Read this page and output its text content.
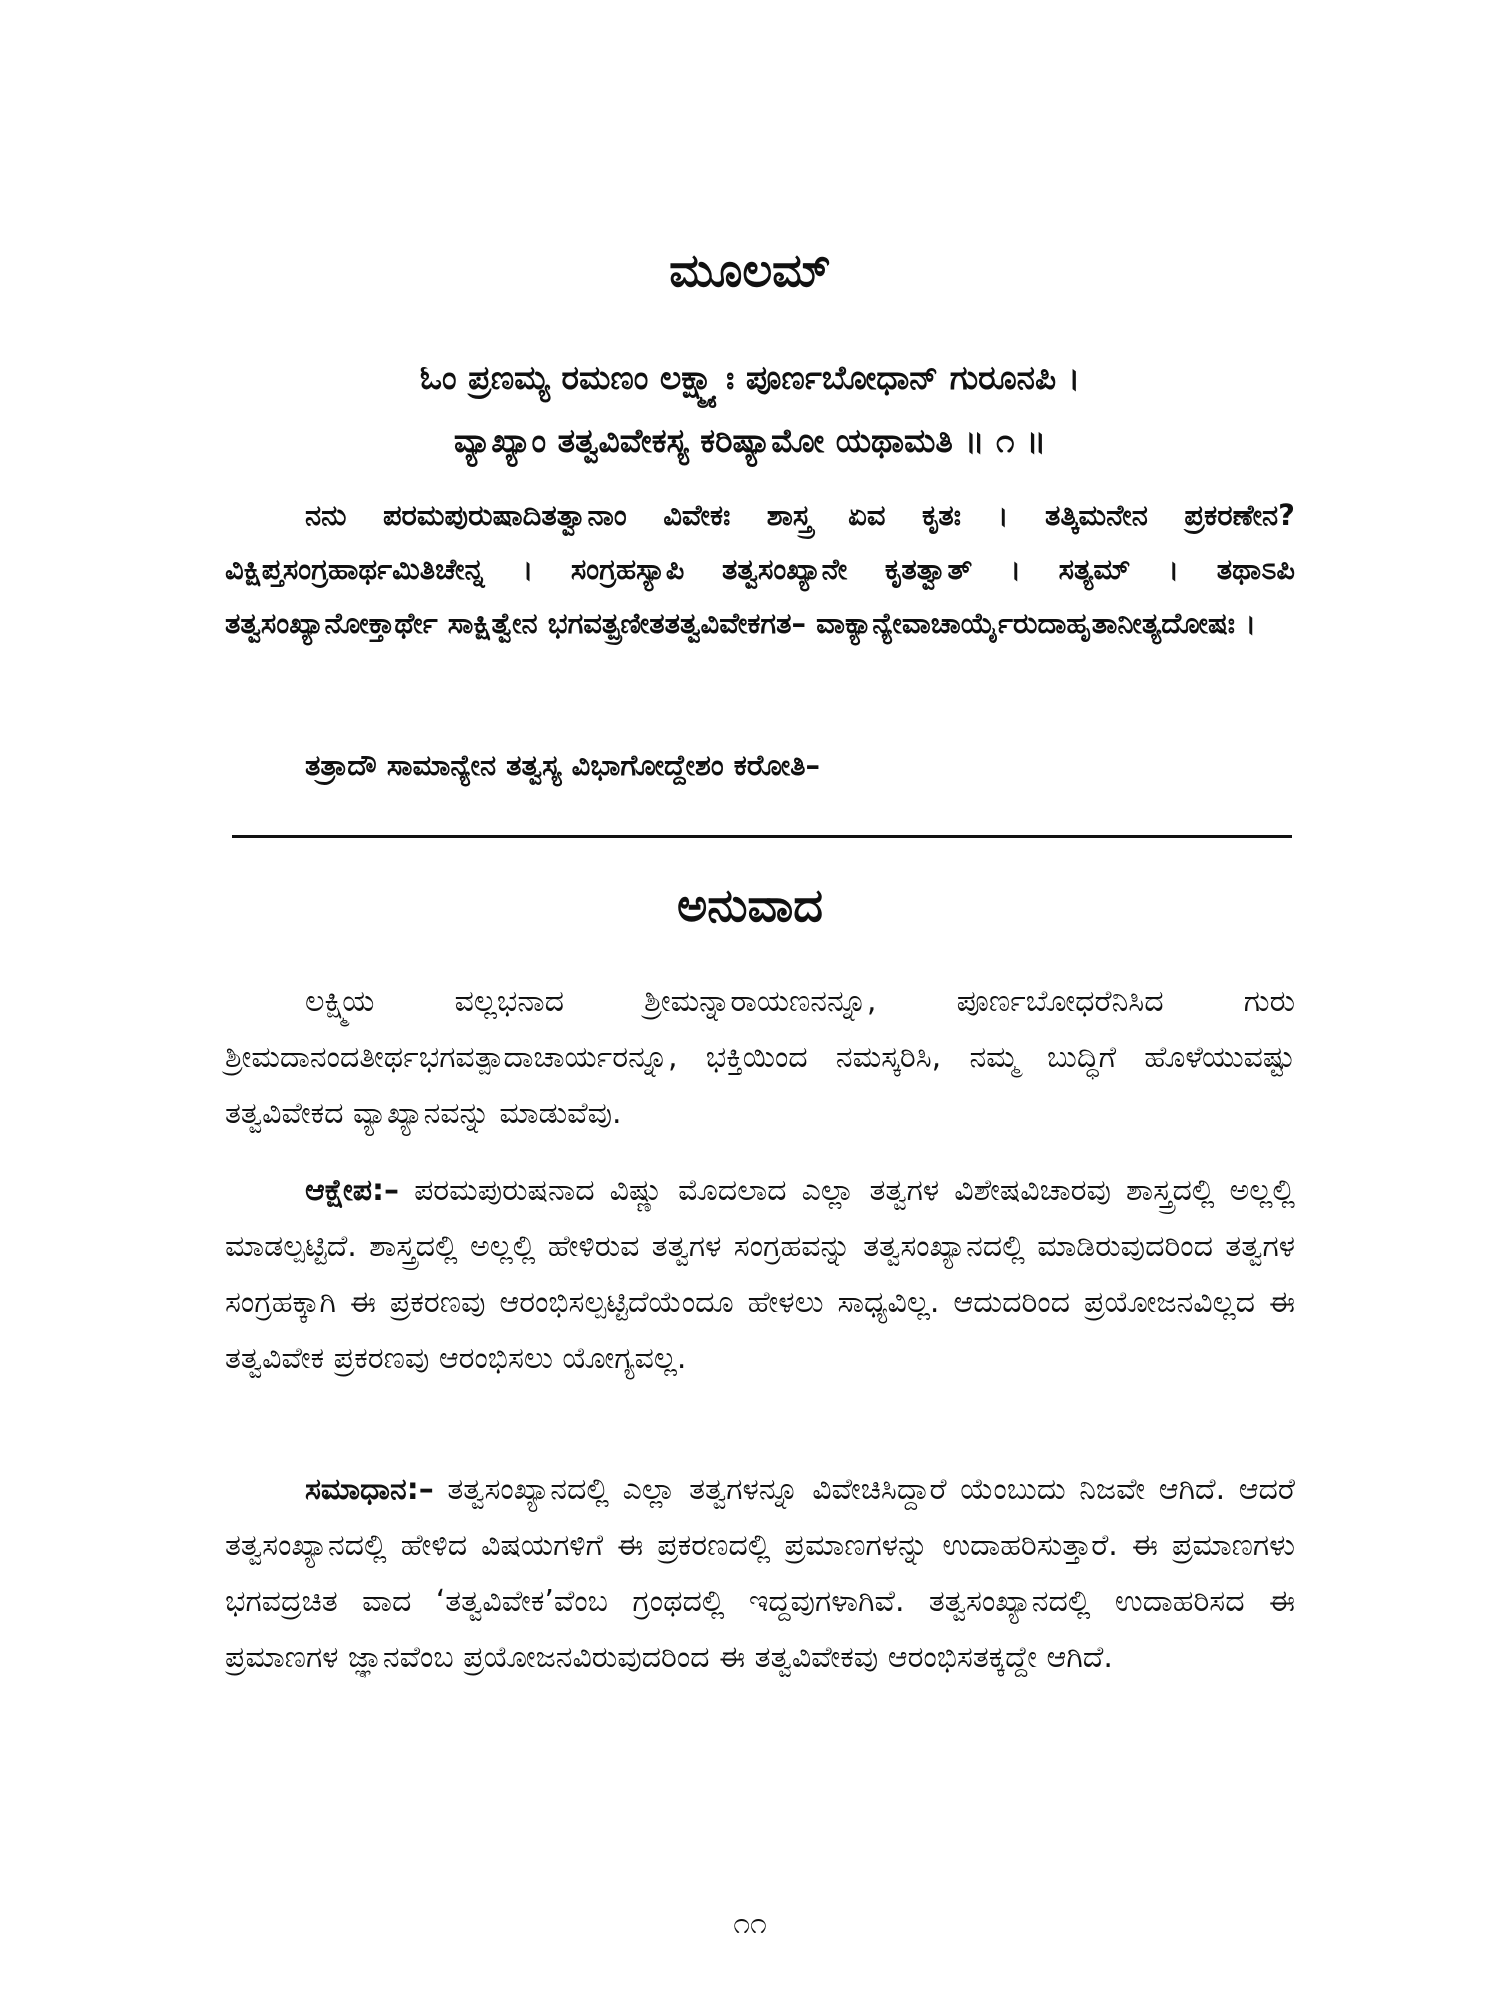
ಮೂಲಮ್

ಓಂ ಪ್ರಣಮ್ಯ ರಮಣಂ ಲಕ್ಷ್ಮ್ಯಾಃ ಪೂರ್ಣಬೋಧಾನ್ ಗುರೂನಪಿ ।

ವ್ಯಾಖ್ಯಾಂ ತತ್ವವಿವೇಕಸ್ಯ ಕರಿಷ್ಯಾಮೋ ಯಥಾಮತಿ ॥ ೧ ॥

ನನು ಪರಮಪುರುಷಾದಿತತ್ವಾನಾಂ ವಿವೇಕಃ ಶಾಸ್ತ್ರ ಏವ ಕೃತಃ । ತತ್ಕಿಮನೇನ ಪ್ರಕರಣೇನ? ವಿಕ್ಷಿಪ್ತಸಂಗ್ರಹಾರ್ಥಮಿತಿಚೇನ್ನ । ಸಂಗ್ರಹಸ್ಯಾಪಿ ತತ್ವಸಂಖ್ಯಾನೇ ಕೃತತ್ವಾತ್ । ಸತ್ಯಮ್ । ತಥಾಽಪಿ ತತ್ವಸಂಖ್ಯಾನೋಕ್ತಾರ್ಥೇ ಸಾಕ್ಷಿತ್ವೇನ ಭಗವತ್ಪ್ರಣೀತತತ್ವವಿವೇಕಗತ– ವಾಕ್ಯಾನ್ಯೇವಾಚಾರ್ಯೈರುದಾಹೃತಾನೀತ್ಯದೋಷಃ ।

ತತ್ರಾದೌ ಸಾಮಾನ್ಯೇನ ತತ್ವಸ್ಯ ವಿಭಾಗೋದ್ದೇಶಂ ಕರೋತಿ–

ಅನುವಾದ

ಲಕ್ಷ್ಮಿಯ ವಲ್ಲಭನಾದ ಶ್ರೀಮನ್ನಾರಾಯಣನನ್ನೂ, ಪೂರ್ಣಬೋಧರೆನಿಸಿದ ಗುರು ಶ್ರೀಮದಾನಂದತೀರ್ಥಭಗವತ್ಪಾದಾಚಾರ್ಯರನ್ನೂ, ಭಕ್ತಿಯಿಂದ ನಮಸ್ಕರಿಸಿ, ನಮ್ಮ ಬುದ್ಧಿಗೆ ಹೊಳೆಯುವಷ್ಟು ತತ್ವವಿವೇಕದ ವ್ಯಾಖ್ಯಾನವನ್ನು ಮಾಡುವೆವು.

ಆಕ್ಷೇಪ:– ಪರಮಪುರುಷನಾದ ವಿಷ್ಣು ಮೊದಲಾದ ಎಲ್ಲಾ ತತ್ವಗಳ ವಿಶೇಷವಿಚಾರವು ಶಾಸ್ತ್ರದಲ್ಲಿ ಅಲ್ಲಲ್ಲಿ ಮಾಡಲ್ಪಟ್ಟಿದೆ. ಶಾಸ್ತ್ರದಲ್ಲಿ ಅಲ್ಲಲ್ಲಿ ಹೇಳಿರುವ ತತ್ವಗಳ ಸಂಗ್ರಹವನ್ನು ತತ್ವಸಂಖ್ಯಾನದಲ್ಲಿ ಮಾಡಿರುವುದರಿಂದ ತತ್ವಗಳ ಸಂಗ್ರಹಕ್ಕಾಗಿ ಈ ಪ್ರಕರಣವು ಆರಂಭಿಸಲ್ಪಟ್ಟಿದೆಯೆಂದೂ ಹೇಳಲು ಸಾಧ್ಯವಿಲ್ಲ. ಆದುದರಿಂದ ಪ್ರಯೋಜನವಿಲ್ಲದ ಈ ತತ್ವವಿವೇಕ ಪ್ರಕರಣವು ಆರಂಭಿಸಲು ಯೋಗ್ಯವಲ್ಲ.

ಸಮಾಧಾನ:– ತತ್ವಸಂಖ್ಯಾನದಲ್ಲಿ ಎಲ್ಲಾ ತತ್ವಗಳನ್ನೂ ವಿವೇಚಿಸಿದ್ದಾರೆ ಯೆಂಬುದು ನಿಜವೇ ಆಗಿದೆ. ಆದರೆ ತತ್ವಸಂಖ್ಯಾನದಲ್ಲಿ ಹೇಳಿದ ವಿಷಯಗಳಿಗೆ ಈ ಪ್ರಕರಣದಲ್ಲಿ ಪ್ರಮಾಣಗಳನ್ನು ಉದಾಹರಿಸುತ್ತಾರೆ. ಈ ಪ್ರಮಾಣಗಳು ಭಗವದ್ರಚಿತ ವಾದ ‘ತತ್ವವಿವೇಕ’ವೆಂಬ ಗ್ರಂಥದಲ್ಲಿ ಇದ್ದವುಗಳಾಗಿವೆ. ತತ್ವಸಂಖ್ಯಾನದಲ್ಲಿ ಉದಾಹರಿಸದ ಈ ಪ್ರಮಾಣಗಳ ಜ್ಞಾನವೆಂಬ ಪ್ರಯೋಜನವಿರುವುದರಿಂದ ಈ ತತ್ವವಿವೇಕವು ಆರಂಭಿಸತಕ್ಕದ್ದೇ ಆಗಿದೆ.

೧೧
